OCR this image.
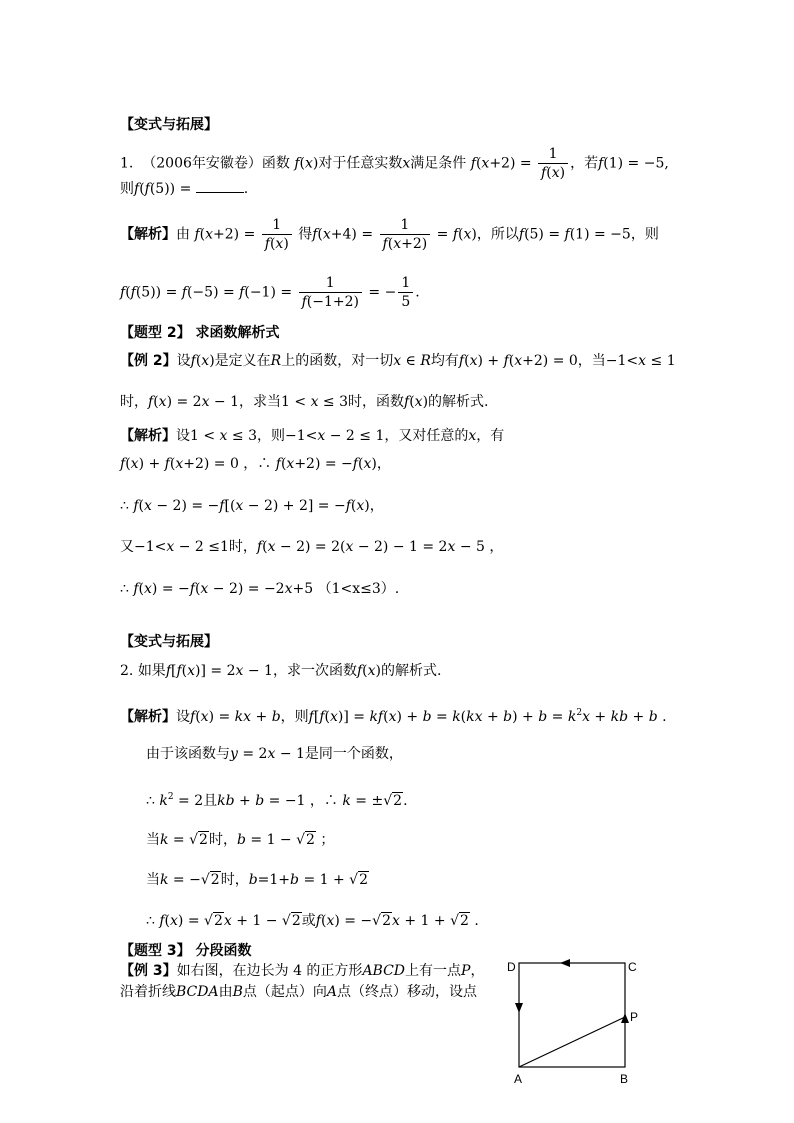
【变式与拓展】
1. （2006年安徽卷）函数 f(x)对于任意实数x满足条件 $f(x+2) = \frac{1}{f(x)}$ ，若f(1) = −5,
则f(f(5)) =	.
【解析】由 $f(x+2) = \frac{1}{f(x)}$ 得$f(x+4) = \frac{1}{f(x+2)} = f(x)$，所以f(5) = f(1) = −5，则
$f(f(5)) = f(-5) = f(-1) = \frac{1}{f(-1+2)}$ = − $\frac{1}{5}$ .
【题型 2】 求函数解析式
【例 2】设f(x)是定义在R上的函数，对一切x ∈ R均有f(x) + f(x+2) = 0，当−1<x ≤ 1
时，f(x) = 2x − 1，求当1 < x ≤ 3时，函数f(x)的解析式.
【解析】设1 < x ≤ 3，则−1<x − 2 ≤ 1，又对任意的x，有
f(x) + f(x+2) = 0 ，∴ f(x+2) = −f(x)，
∴ f(x − 2) = −f[(x − 2) + 2] = −f(x)，
又−1<x − 2 ≤1时，f(x − 2) = 2(x − 2) − 1 = 2x − 5 ，
∴ f(x) = −f(x − 2) = −2x+5 （1<x≤3）.
【变式与拓展】
2. 如果f[f(x)] = 2x − 1，求一次函数f(x)的解析式.
【解析】设f(x) = kx + b，则$f[f(x)] = kf(x) + b = k(kx + b) + b = k^2x$ + kb + b .
由于该函数与y = 2x − 1是同一个函数，
∴ $k^2 = 2$且kb + b = −1 ，∴ k = ±√2.
当k = √2时，b = 1 − √2 ；
当k = −√2时，b=1+b = 1 + √2
∴ f(x) = √2x + 1 − √2或f(x) = −√2x + 1 + √2 .
【题型 3】 分段函数
【例 3】如右图，在边长为 4 的正方形ABCD上有一点P，
沿着折线BCDA由B点（起点）向A点（终点）移动，设点
D	C
P
A	B
